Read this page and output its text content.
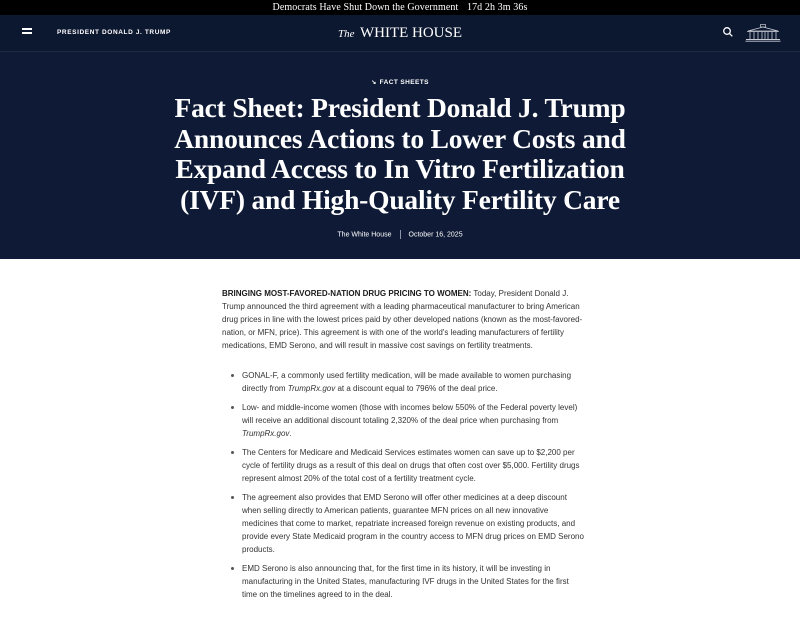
Democrats Have Shut Down the Government 17d 2h 3m 36s
PRESIDENT DONALD J. TRUMP	The WHITE HOUSE
↘ FACT SHEETS
Fact Sheet: President Donald J. Trump Announces Actions to Lower Costs and Expand Access to In Vitro Fertilization (IVF) and High-Quality Fertility Care
The White House October 16, 2025

BRINGING MOST-FAVORED-NATION DRUG PRICING TO WOMEN: Today, President Donald J. Trump announced the third agreement with a leading pharmaceutical manufacturer to bring American drug prices in line with the lowest prices paid by other developed nations (known as the most-favored-nation, or MFN, price). This agreement is with one of the world's leading manufacturers of fertility medications, EMD Serono, and will result in massive cost savings on fertility treatments.

GONAL-F, a commonly used fertility medication, will be made available to women purchasing directly from TrumpRx.gov at a discount equal to 796% of the deal price.
Low- and middle-income women (those with incomes below 550% of the Federal poverty level) will receive an additional discount totaling 2,320% of the deal price when purchasing from TrumpRx.gov.
The Centers for Medicare and Medicaid Services estimates women can save up to $2,200 per cycle of fertility drugs as a result of this deal on drugs that often cost over $5,000. Fertility drugs represent almost 20% of the total cost of a fertility treatment cycle.
The agreement also provides that EMD Serono will offer other medicines at a deep discount when selling directly to American patients, guarantee MFN prices on all new innovative medicines that come to market, repatriate increased foreign revenue on existing products, and provide every State Medicaid program in the country access to MFN drug prices on EMD Serono products.
EMD Serono is also announcing that, for the first time in its history, it will be investing in manufacturing in the United States, manufacturing IVF drugs in the United States for the first time on the timelines agreed to in the deal.
